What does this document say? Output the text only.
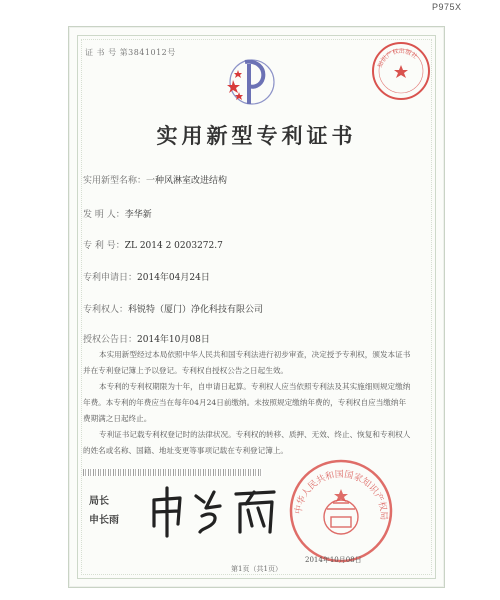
P975X
证 书 号 第3841012号
知识产权出版社
实用新型专利证书
实用新型名称：一种风淋室改进结构
发 明 人：李华新
专 利 号：ZL 2014 2 0203272.7
专利申请日：2014年04月24日
专利权人：科锐特（厦门）净化科技有限公司
授权公告日：2014年10月08日

本实用新型经过本局依照中华人民共和国专利法进行初步审查，决定授予专利权，颁发本证书并在专利登记簿上予以登记。专利权自授权公告之日起生效。

本专利的专利权期限为十年，自申请日起算。专利权人应当依照专利法及其实施细则规定缴纳年费。本专利的年费应当在每年04月24日前缴纳。未按照规定缴纳年费的，专利权自应当缴纳年费期满之日起终止。

专利证书记载专利权登记时的法律状况。专利权的转移、质押、无效、终止、恢复和专利权人的姓名或名称、国籍、地址变更等事项记载在专利登记簿上。

局长
申长雨
中华人民共和国国家知识产权局
2014年10月08日
第1页（共1页）
